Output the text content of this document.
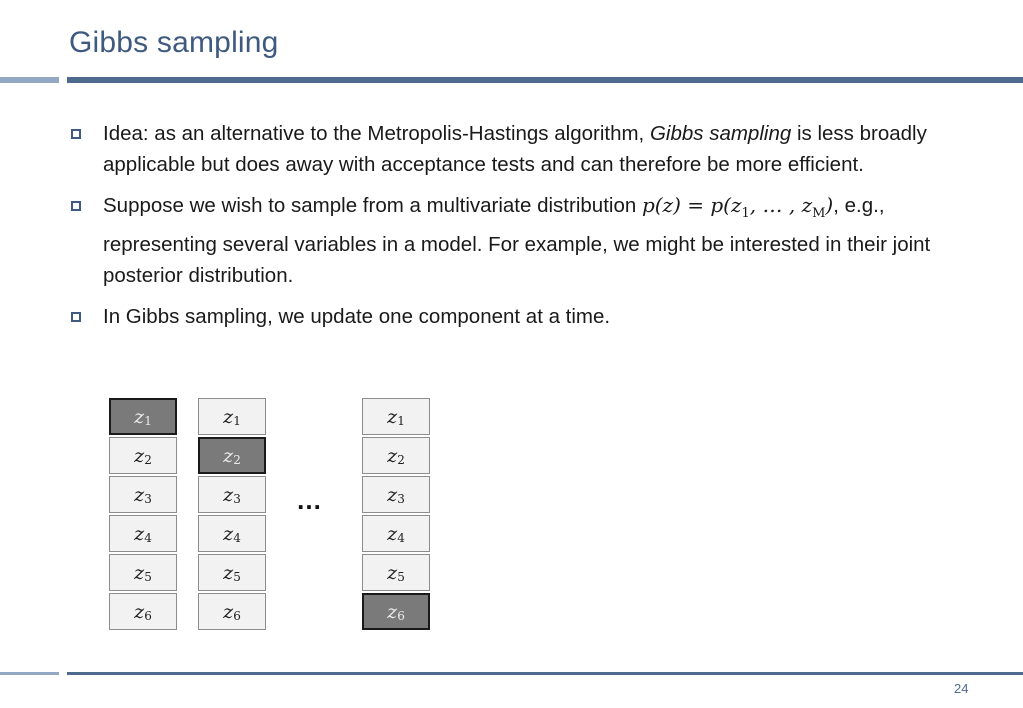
Gibbs sampling
Idea: as an alternative to the Metropolis-Hastings algorithm, Gibbs sampling is less broadly applicable but does away with acceptance tests and can therefore be more efficient.
Suppose we wish to sample from a multivariate distribution $p(z) = p(z_1$, … , $z_M$), e.g., representing several variables in a model. For example, we might be interested in their joint posterior distribution.
In Gibbs sampling, we update one component at a time.
$z_1$
$z_2$
$z_3$
$z_4$
$z_5$
$z_6$
$z_1$
$z_2$
$z_3$
$z_4$
$z_5$
$z_6$
…
$z_1$
$z_2$
$z_3$
$z_4$
$z_5$
$z_6$
24
